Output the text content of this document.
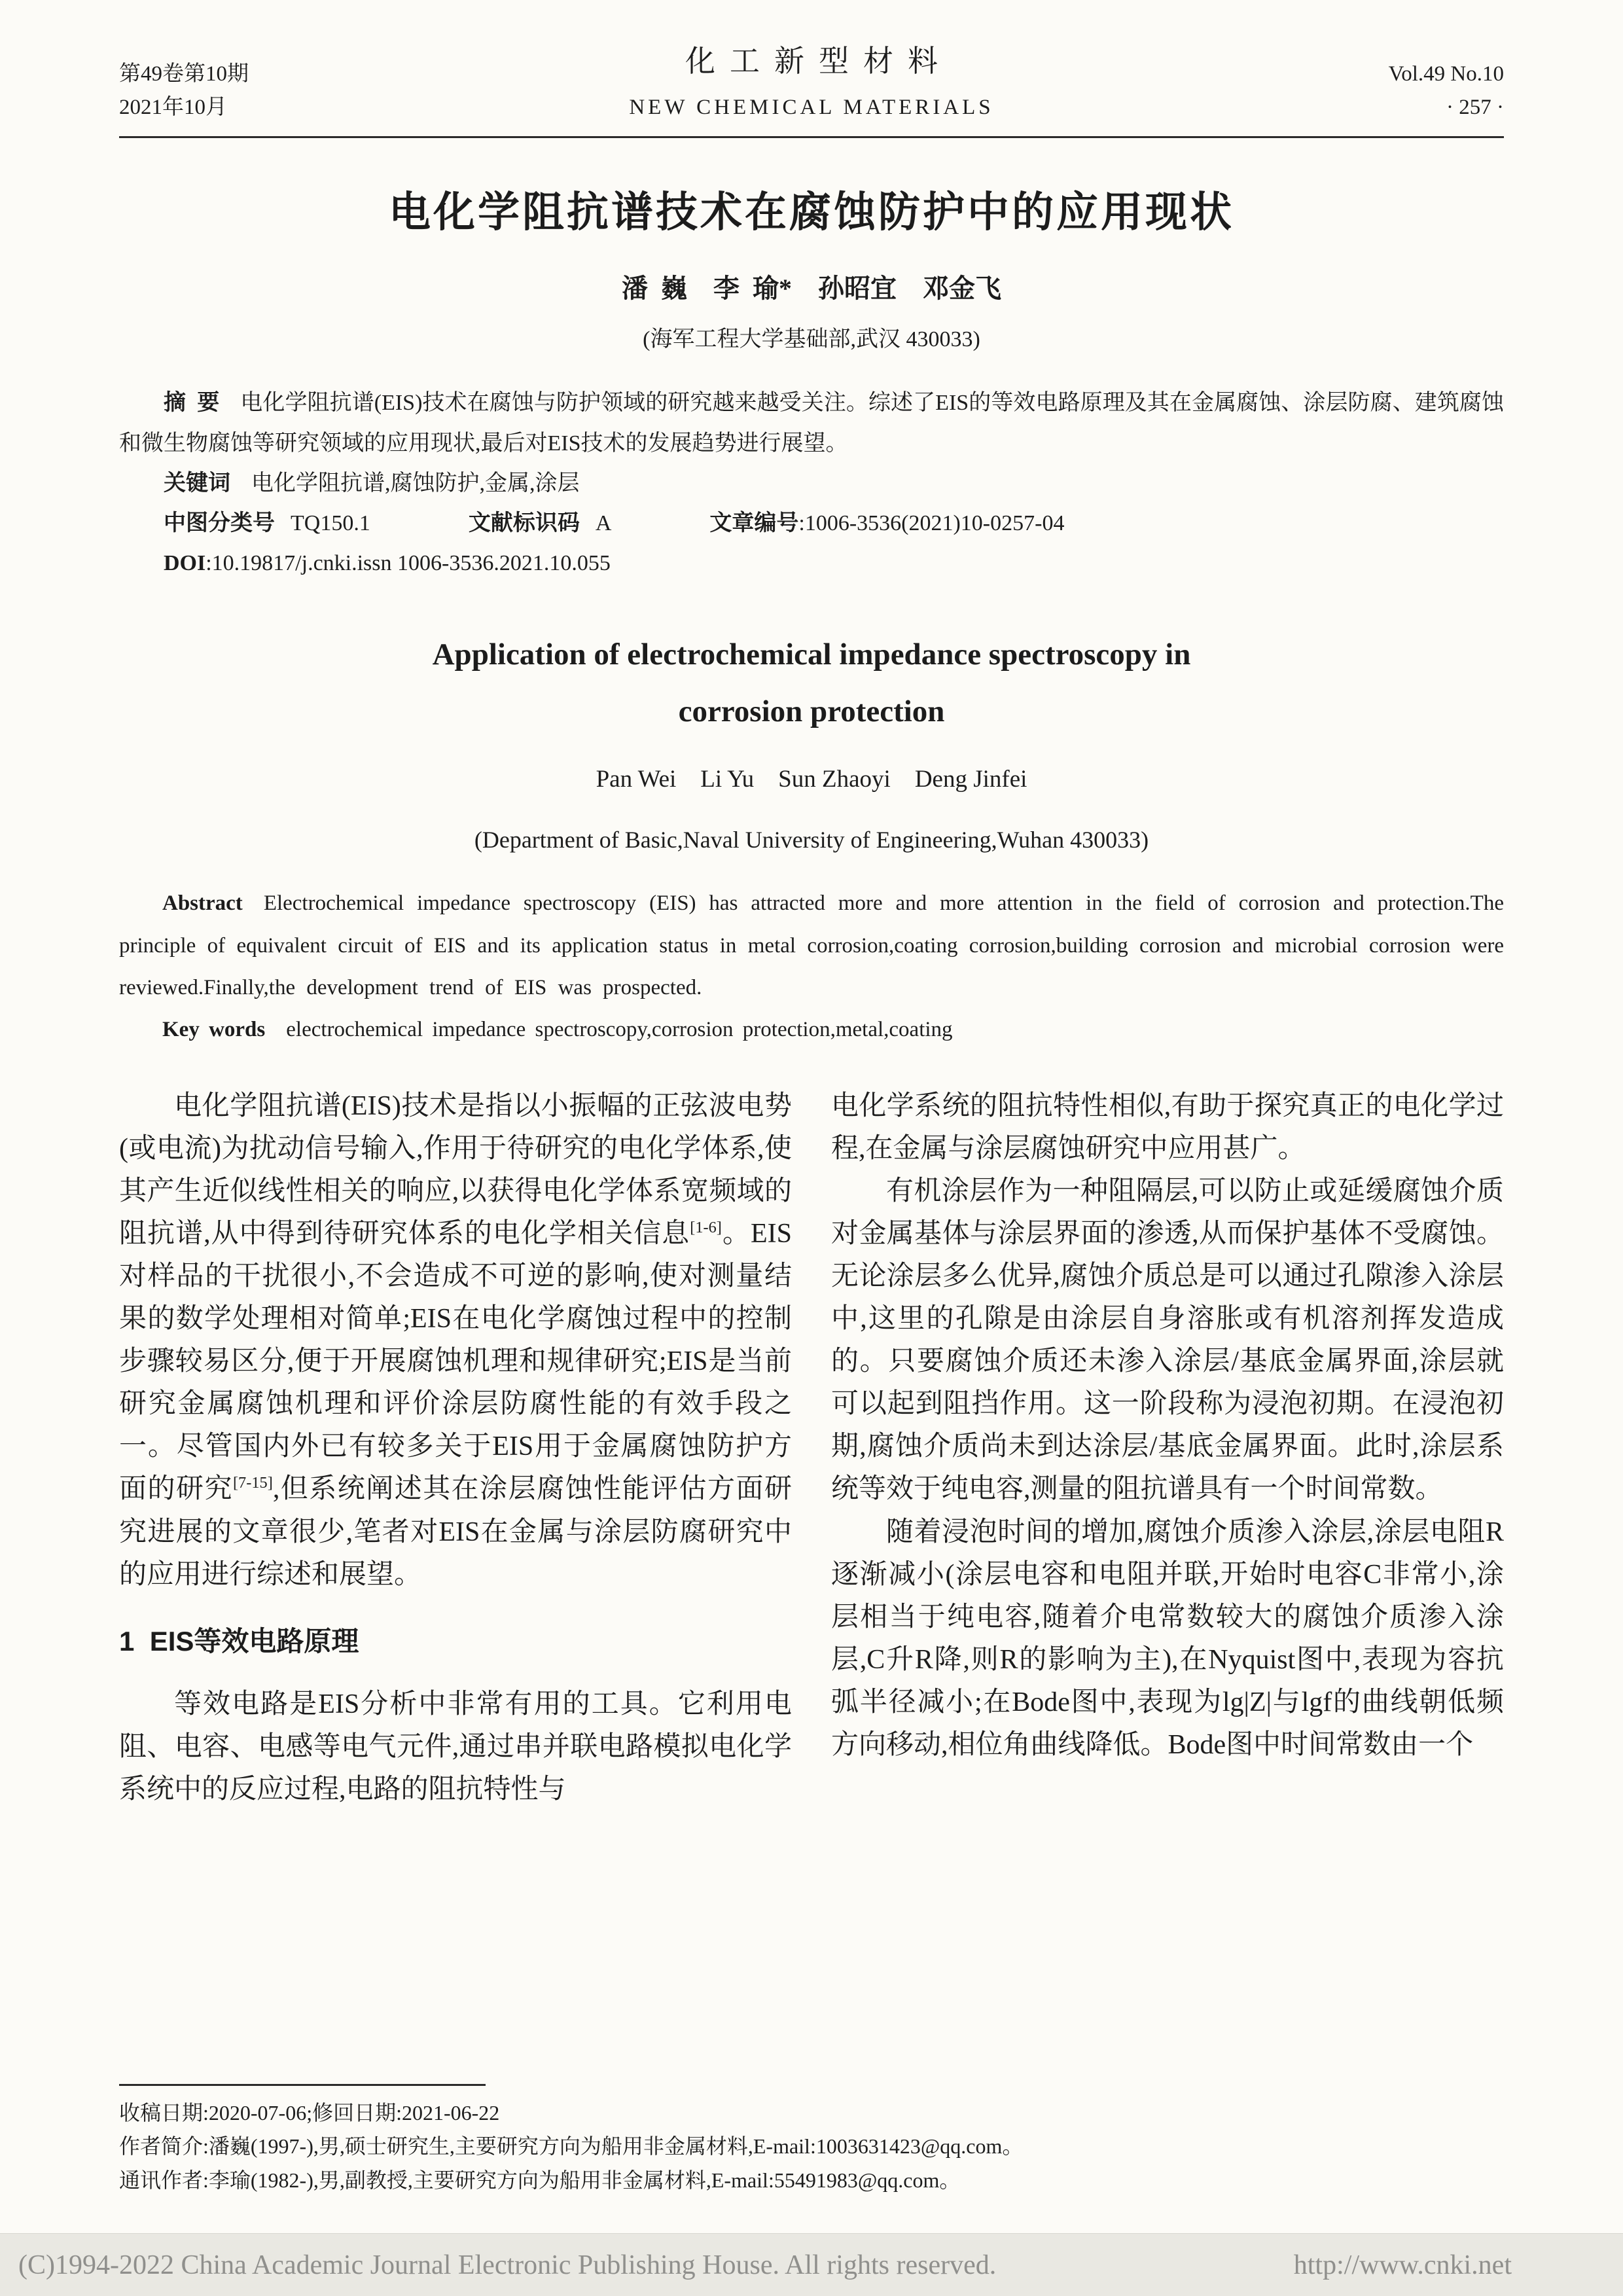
第49卷第10期
2021年10月
化工新型材料
NEW CHEMICAL MATERIALS
Vol.49 No.10
· 257 ·
电化学阻抗谱技术在腐蚀防护中的应用现状
潘  巍    李  瑜*    孙昭宜    邓金飞
(海军工程大学基础部,武汉 430033)

摘  要 电化学阻抗谱(EIS)技术在腐蚀与防护领域的研究越来越受关注。综述了EIS的等效电路原理及其在金属腐蚀、涂层防腐、建筑腐蚀和微生物腐蚀等研究领域的应用现状,最后对EIS技术的发展趋势进行展望。

关键词 电化学阻抗谱,腐蚀防护,金属,涂层

中图分类号 TQ150.1	文献标识码 A	文章编号:1006-3536(2021)10-0257-04

DOI:10.19817/j.cnki.issn 1006-3536.2021.10.055

Application of electrochemical impedance spectroscopy in
corrosion protection
Pan Wei    Li Yu    Sun Zhaoyi    Deng Jinfei
(Department of Basic,Naval University of Engineering,Wuhan 430033)

Abstract Electrochemical impedance spectroscopy (EIS) has attracted more and more attention in the field of corrosion and protection.The principle of equivalent circuit of EIS and its application status in metal corrosion,coating corrosion,building corrosion and microbial corrosion were reviewed.Finally,the development trend of EIS was prospected.

Key words electrochemical impedance spectroscopy,corrosion protection,metal,coating

电化学阻抗谱(EIS)技术是指以小振幅的正弦波电势(或电流)为扰动信号输入,作用于待研究的电化学体系,使其产生近似线性相关的响应,以获得电化学体系宽频域的阻抗谱,从中得到待研究体系的电化学相关信息[1-6]。EIS对样品的干扰很小,不会造成不可逆的影响,使对测量结果的数学处理相对简单;EIS在电化学腐蚀过程中的控制步骤较易区分,便于开展腐蚀机理和规律研究;EIS是当前研究金属腐蚀机理和评价涂层防腐性能的有效手段之一。尽管国内外已有较多关于EIS用于金属腐蚀防护方面的研究[7-15],但系统阐述其在涂层腐蚀性能评估方面研究进展的文章很少,笔者对EIS在金属与涂层防腐研究中的应用进行综述和展望。

1  EIS等效电路原理

等效电路是EIS分析中非常有用的工具。它利用电阻、电容、电感等电气元件,通过串并联电路模拟电化学系统中的反应过程,电路的阻抗特性与

电化学系统的阻抗特性相似,有助于探究真正的电化学过程,在金属与涂层腐蚀研究中应用甚广。

有机涂层作为一种阻隔层,可以防止或延缓腐蚀介质对金属基体与涂层界面的渗透,从而保护基体不受腐蚀。无论涂层多么优异,腐蚀介质总是可以通过孔隙渗入涂层中,这里的孔隙是由涂层自身溶胀或有机溶剂挥发造成的。只要腐蚀介质还未渗入涂层/基底金属界面,涂层就可以起到阻挡作用。这一阶段称为浸泡初期。在浸泡初期,腐蚀介质尚未到达涂层/基底金属界面。此时,涂层系统等效于纯电容,测量的阻抗谱具有一个时间常数。

随着浸泡时间的增加,腐蚀介质渗入涂层,涂层电阻R逐渐减小(涂层电容和电阻并联,开始时电容C非常小,涂层相当于纯电容,随着介电常数较大的腐蚀介质渗入涂层,C升R降,则R的影响为主),在Nyquist图中,表现为容抗弧半径减小;在Bode图中,表现为lg|Z|与lgf的曲线朝低频方向移动,相位角曲线降低。Bode图中时间常数由一个

收稿日期:2020-07-06;修回日期:2021-06-22
作者简介:潘巍(1997-),男,硕士研究生,主要研究方向为船用非金属材料,E-mail:1003631423@qq.com。
通讯作者:李瑜(1982-),男,副教授,主要研究方向为船用非金属材料,E-mail:55491983@qq.com。
(C)1994-2022 China Academic Journal Electronic Publishing House. All rights reserved.	http://www.cnki.net
